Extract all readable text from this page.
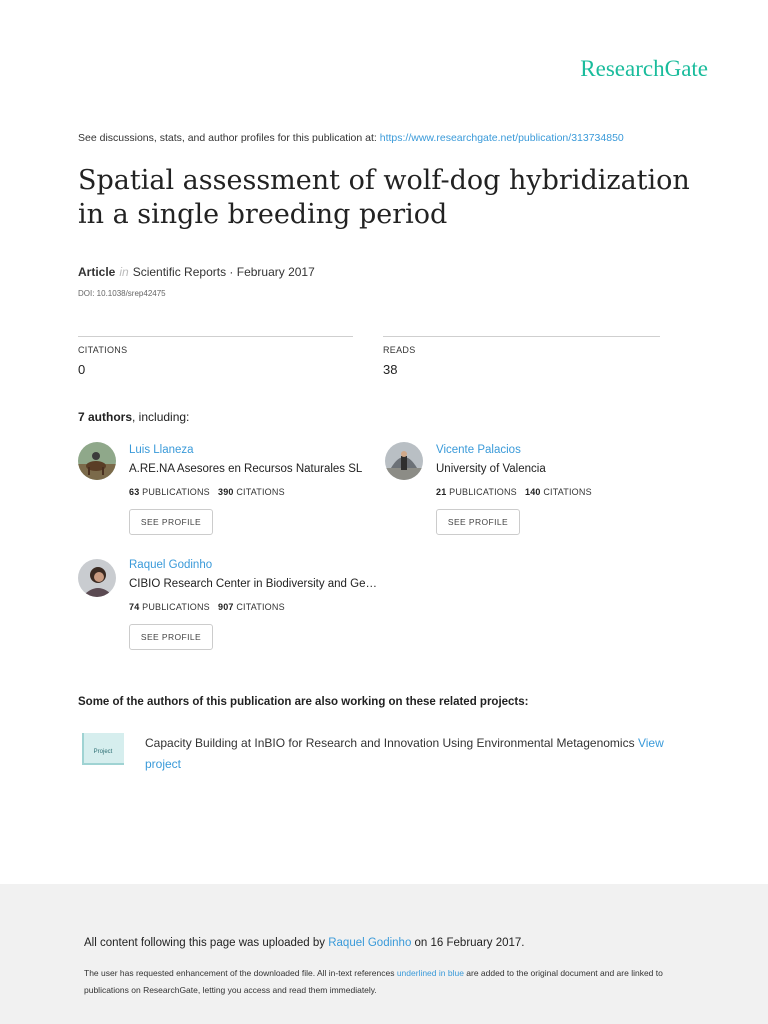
ResearchGate
See discussions, stats, and author profiles for this publication at: https://www.researchgate.net/publication/313734850
Spatial assessment of wolf-dog hybridization
in a single breeding period
Article in Scientific Reports · February 2017
DOI: 10.1038/srep42475
CITATIONS
0
READS
38
7 authors, including:
Luis Llaneza
A.RE.NA Asesores en Recursos Naturales SL
63 PUBLICATIONS 390 CITATIONS
SEE PROFILE
Vicente Palacios
University of Valencia
21 PUBLICATIONS 140 CITATIONS
SEE PROFILE
Raquel Godinho
CIBIO Research Center in Biodiversity and Ge…
74 PUBLICATIONS 907 CITATIONS
SEE PROFILE
Some of the authors of this publication are also working on these related projects:
Project
Capacity Building at InBIO for Research and Innovation Using Environmental Metagenomics View project
All content following this page was uploaded by Raquel Godinho on 16 February 2017.
The user has requested enhancement of the downloaded file. All in-text references underlined in blue are added to the original document and are linked to publications on ResearchGate, letting you access and read them immediately.
